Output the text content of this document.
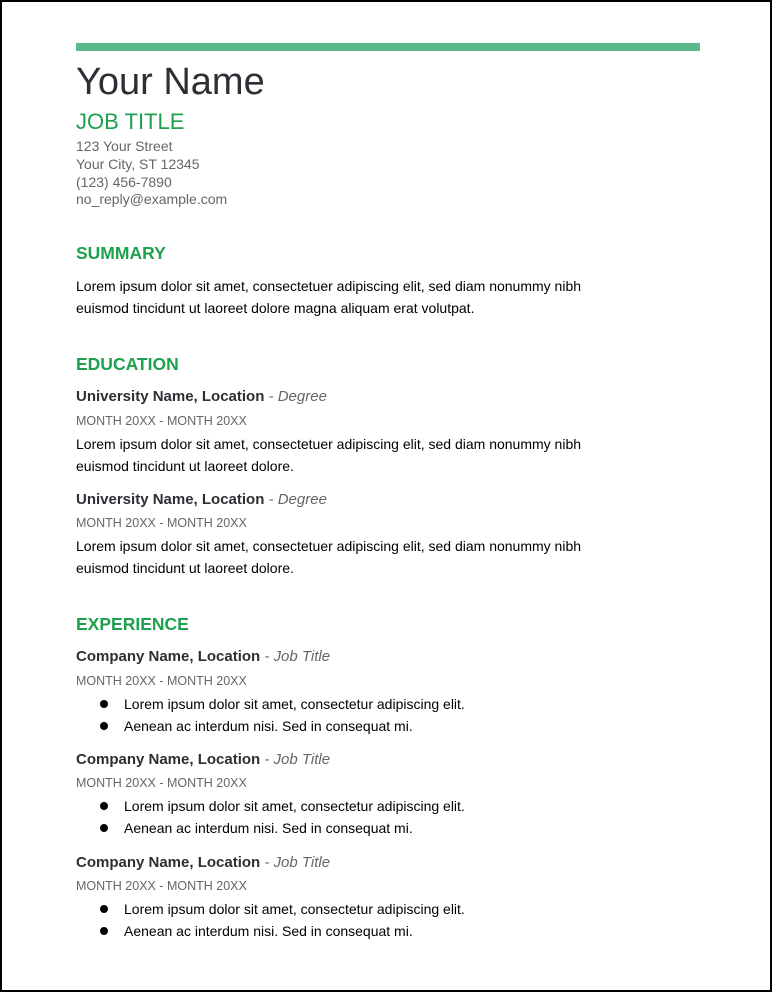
Your Name
JOB TITLE
123 Your Street
Your City, ST 12345
(123) 456-7890
no_reply@example.com
SUMMARY

Lorem ipsum dolor sit amet, consectetuer adipiscing elit, sed diam nonummy nibh euismod tincidunt ut laoreet dolore magna aliquam erat volutpat.

EDUCATION
University Name, Location - Degree
MONTH 20XX - MONTH 20XX

Lorem ipsum dolor sit amet, consectetuer adipiscing elit, sed diam nonummy nibh euismod tincidunt ut laoreet dolore.

University Name, Location - Degree
MONTH 20XX - MONTH 20XX

Lorem ipsum dolor sit amet, consectetuer adipiscing elit, sed diam nonummy nibh euismod tincidunt ut laoreet dolore.

EXPERIENCE
Company Name, Location - Job Title
MONTH 20XX - MONTH 20XX
Lorem ipsum dolor sit amet, consectetur adipiscing elit.
Aenean ac interdum nisi. Sed in consequat mi.
Company Name, Location - Job Title
MONTH 20XX - MONTH 20XX
Lorem ipsum dolor sit amet, consectetur adipiscing elit.
Aenean ac interdum nisi. Sed in consequat mi.
Company Name, Location - Job Title
MONTH 20XX - MONTH 20XX
Lorem ipsum dolor sit amet, consectetur adipiscing elit.
Aenean ac interdum nisi. Sed in consequat mi.
